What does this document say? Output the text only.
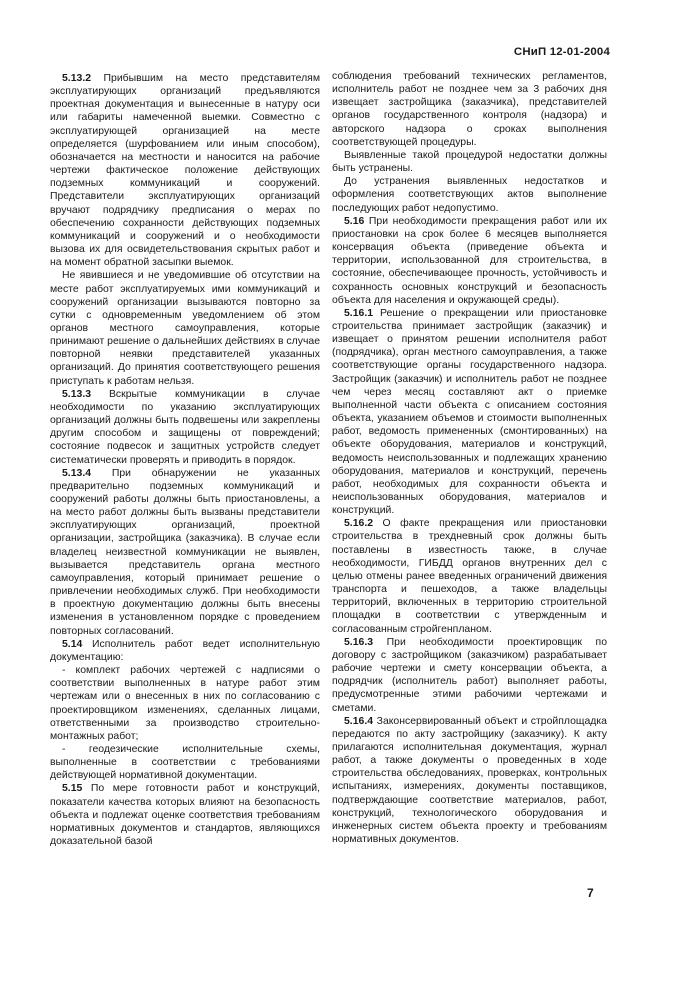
СНиП 12-01-2004

5.13.2 Прибывшим на место представителям эксплуатирующих организаций предъявляются проектная документация и вынесенные в натуру оси или габариты намеченной выемки. Совместно с эксплуатирующей организацией на месте определяется (шурфованием или иным способом), обозначается на местности и наносится на рабочие чертежи фактическое положение действующих подземных коммуникаций и сооружений. Представители эксплуатирующих организаций вручают подрядчику предписания о мерах по обеспечению сохранности действующих подземных коммуникаций и сооружений и о необходимости вызова их для освидетельствования скрытых работ и на момент обратной засыпки выемок.

Не явившиеся и не уведомившие об отсутствии на месте работ эксплуатируемых ими коммуникаций и сооружений организации вызываются повторно за сутки с одновременным уведомлением об этом органов местного самоуправления, которые принимают решение о дальнейших действиях в случае повторной неявки представителей указанных организаций. До принятия соответствующего решения приступать к работам нельзя.

5.13.3 Вскрытые коммуникации в случае необходимости по указанию эксплуатирующих организаций должны быть подвешены или закреплены другим способом и защищены от повреждений; состояние подвесок и защитных устройств следует систематически проверять и приводить в порядок.

5.13.4 При обнаружении не указанных предварительно подземных коммуникаций и сооружений работы должны быть приостановлены, а на место работ должны быть вызваны представители эксплуатирующих организаций, проектной организации, застройщика (заказчика). В случае если владелец неизвестной коммуникации не выявлен, вызывается представитель органа местного самоуправления, который принимает решение о привлечении необходимых служб. При необходимости в проектную документацию должны быть внесены изменения в установленном порядке с проведением повторных согласований.

5.14 Исполнитель работ ведет исполнительную документацию:

- комплект рабочих чертежей с надписями о соответствии выполненных в натуре работ этим чертежам или о внесенных в них по согласованию с проектировщиком изменениях, сделанных лицами, ответственными за производство строительно-монтажных работ;

- геодезические исполнительные схемы, выполненные в соответствии с требованиями действующей нормативной документации.

5.15 По мере готовности работ и конструкций, показатели качества которых влияют на безопасность объекта и подлежат оценке соответствия требованиям нормативных документов и стандартов, являющихся доказательной базой

соблюдения требований технических регламентов, исполнитель работ не позднее чем за 3 рабочих дня извещает застройщика (заказчика), представителей органов государственного контроля (надзора) и авторского надзора о сроках выполнения соответствующей процедуры.

Выявленные такой процедурой недостатки должны быть устранены.

До устранения выявленных недостатков и оформления соответствующих актов выполнение последующих работ недопустимо.

5.16 При необходимости прекращения работ или их приостановки на срок более 6 месяцев выполняется консервация объекта (приведение объекта и территории, использованной для строительства, в состояние, обеспечивающее прочность, устойчивость и сохранность основных конструкций и безопасность объекта для населения и окружающей среды).

5.16.1 Решение о прекращении или приостановке строительства принимает застройщик (заказчик) и извещает о принятом решении исполнителя работ (подрядчика), орган местного самоуправления, а также соответствующие органы государственного надзора. Застройщик (заказчик) и исполнитель работ не позднее чем через месяц составляют акт о приемке выполненной части объекта с описанием состояния объекта, указанием объемов и стоимости выполненных работ, ведомость примененных (смонтированных) на объекте оборудования, материалов и конструкций, ведомость неиспользованных и подлежащих хранению оборудования, материалов и конструкций, перечень работ, необходимых для сохранности объекта и неиспользованных оборудования, материалов и конструкций.

5.16.2 О факте прекращения или приостановки строительства в трехдневный срок должны быть поставлены в известность также, в случае необходимости, ГИБДД органов внутренних дел с целью отмены ранее введенных ограничений движения транспорта и пешеходов, а также владельцы территорий, включенных в территорию строительной площадки в соответствии с утвержденным и согласованным стройгенпланом.

5.16.3 При необходимости проектировщик по договору с застройщиком (заказчиком) разрабатывает рабочие чертежи и смету консервации объекта, а подрядчик (исполнитель работ) выполняет работы, предусмотренные этими рабочими чертежами и сметами.

5.16.4 Законсервированный объект и стройплощадка передаются по акту застройщику (заказчику). К акту прилагаются исполнительная документация, журнал работ, а также документы о проведенных в ходе строительства обследованиях, проверках, контрольных испытаниях, измерениях, документы поставщиков, подтверждающие соответствие материалов, работ, конструкций, технологического оборудования и инженерных систем объекта проекту и требованиям нормативных документов.

7
